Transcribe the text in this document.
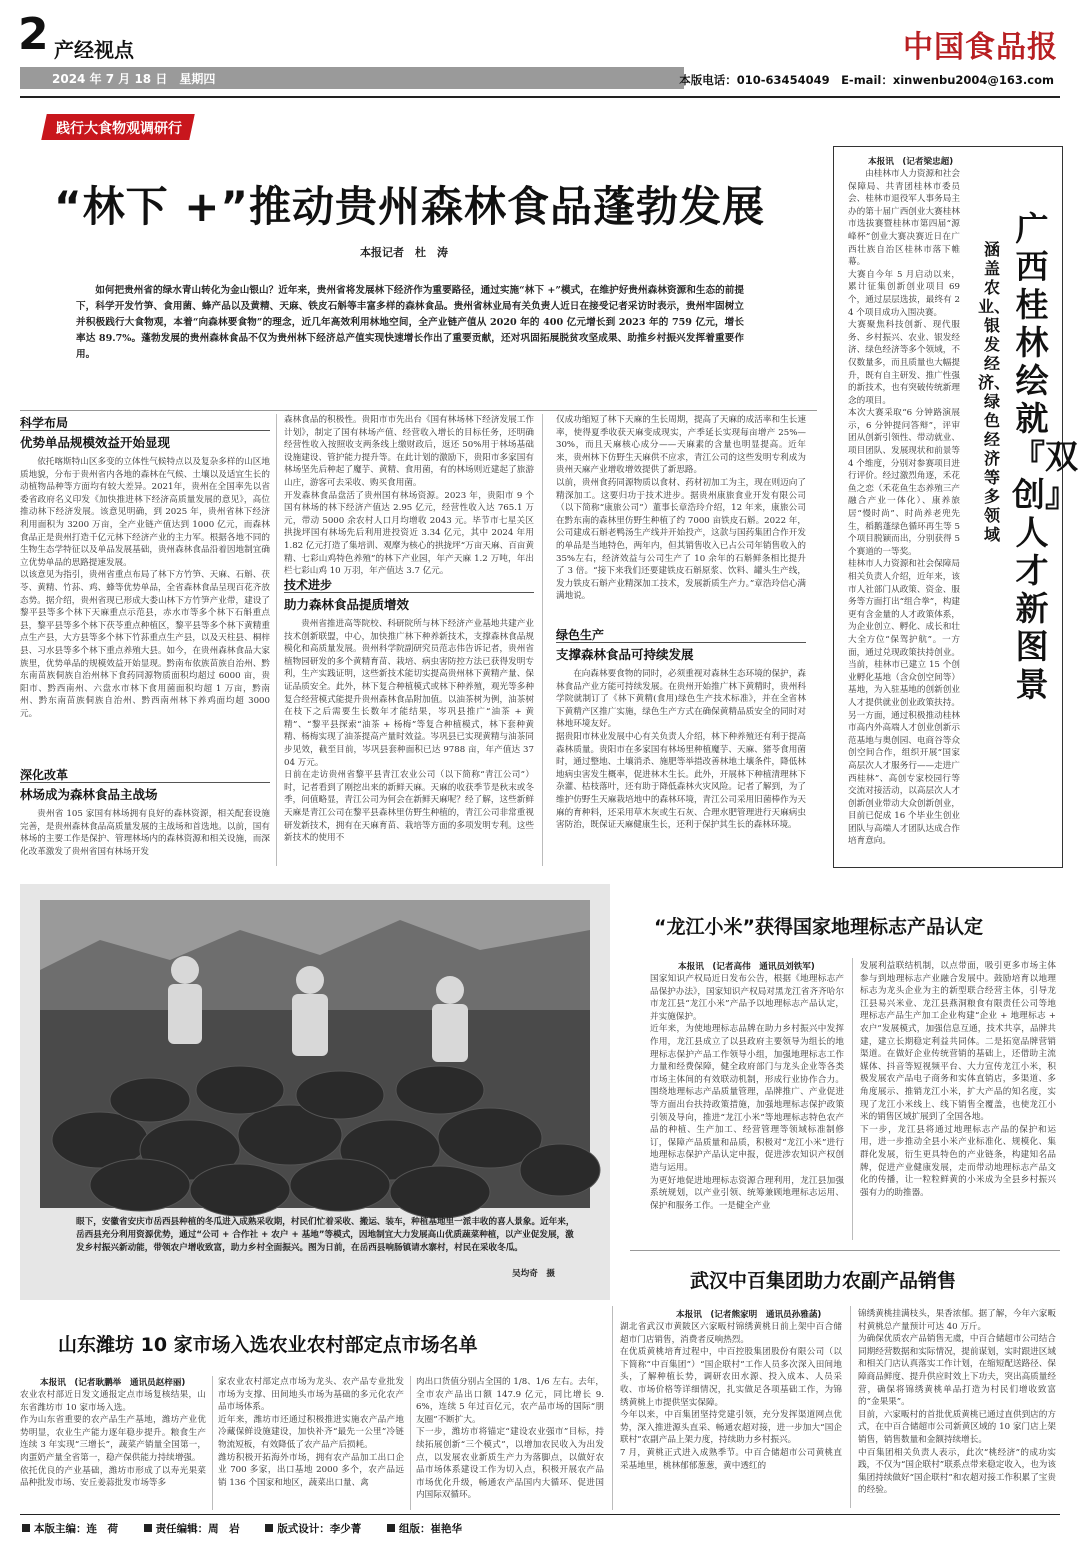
2 产经视点
2024 年 7 月 18 日　星期四
中国食品报
本版电话：010-63454049　E-mail：xinwenbu2004@163.com
践行大食物观调研行
“林下 +”推动贵州森林食品蓬勃发展
本报记者　杜　涛
如何把贵州省的绿水青山转化为金山银山？近年来，贵州省将发展林下经济作为重要路径，通过实施“林下 +”模式，在维护好贵州森林资源和生态的前提下，科学开发竹笋、食用菌、蜂产品以及黄精、天麻、铁皮石斛等丰富多样的森林食品。贵州省林业局有关负责人近日在接受记者采访时表示，贵州牢固树立并积极践行大食物观，本着“向森林要食物”的理念，近几年高效利用林地空间，全产业链产值从 2020 年的 400 亿元增长到 2023 年的 759 亿元，增长率达 89.7%。蓬勃发展的贵州森林食品不仅为贵州林下经济总产值实现快速增长作出了重要贡献，还对巩固拓展脱贫攻坚成果、助推乡村振兴发挥着重要作用。
科学布局
优势单品规模效益开始显现
依托喀斯特山区多变的立体性气候特点以及复杂多样的山区地质地貌，分布于贵州省内各地的森林在气候、土壤以及适宜生长的动植物品种等方面均有较大差异。2021年，贵州在全国率先以省委省政府名义印发《加快推进林下经济高质量发展的意见》，高位推动林下经济发展。该意见明确，到 2025 年，贵州省林下经济利用面积为 3200 万亩，全产业链产值达到 1000 亿元，而森林食品正是贵州打造千亿元林下经济产业的主力军。根据各地不同的生物生态学特征以及单品发展基础，贵州森林食品沿着因地制宜确立优势单品的思路提速发展。
以该意见为指引，贵州省重点布局了林下方竹笋、天麻、石斛、茯苓、黄精、竹荪、鸡、蜂等优势单品，全省森林食品呈现百花齐放态势。据介绍，贵州省现已形成大娄山林下方竹笋产业带，建设了黎平县等多个林下天麻重点示范县，赤水市等多个林下石斛重点县，黎平县等多个林下茯苓重点种植区，黎平县等多个林下黄精重点生产县，大方县等多个林下竹荪重点生产县，以及天柱县、桐梓县、习水县等多个林下重点养殖大县。如今，在贵州森林食品大家族里，优势单品的规模效益开始显现。黔南布依族苗族自治州、黔东南苗族侗族自治州林下食药同源物质面积均超过 6000 亩，贵阳市、黔西南州、六盘水市林下食用菌面积均超 1 万亩，黔南州、黔东南苗族侗族自治州、黔西南州林下养鸡面均超 3000 元。
深化改革
林场成为森林食品主战场
贵州省 105 家国有林场拥有良好的森林资源，相关配套设施完善，是贵州森林食品高质量发展的主战场和首选地。以前，国有林场的主要工作是保护、管理林场内的森林资源和相关设施，而深化改革激发了贵州省国有林场开发
森林食品的积极性。贵阳市市先出台《国有林场林下经济发展工作计划》，制定了国有林场产值、经营收入增长的目标任务，还明确经营性收入按照收支两条线上缴财政后，返还 50%用于林场基础设施建设、管护能力提升等。在此计划的激励下，贵阳市多家国有林场坚先后种起了魔芋、黄精、食用菌，有的林场则近建起了旅游山庄，游客可去采收、购买食用菌。
开发森林食品盘活了贵州国有林场资源。2023 年，贵阳市 9 个国有林场的林下经济产值达 2.95 亿元，经营性收入达 765.1 万元，带动 5000 余农村人口月均增收 2043 元。毕节市七星关区拱拢坪国有林场先后利用进投资近 3.34 亿元，其中 2024 年用 1.82 亿元打造了集培训、观摩为核心的拱拢坪“万亩天麻、百亩黄精、七彩山鸡特色养殖”的林下产业园，年产天麻 1.2 万吨，年出栏七彩山鸡 10 万羽，年产值达 3.7 亿元。
技术进步
助力森林食品提质增效
贵州省推进高等院校、科研院所与林下经济产业基地共建产业技术创新联盟，中心，加快推广林下种养新技术，支撑森林食品规模化和高质量发展。贵州科学院副研究员范志伟告诉记者，贵州省植物园研发的多个黄精育苗、栽培、病虫害防控方法已获得发明专利，生产实践证明，这些新技术能切实提高贵州林下黄精产量、保证品质安全。此外，林下复合种植模式或林下种养殖，观光等多种复合经营模式能提升贵州森林食品附加值。以油茶树为例，油茶树在枝下之后需要生长数年才能结果，岑巩县推广“油茶 + 黄精”、“黎平县探索“油茶 + 杨梅”等复合种植模式，林下套种黄精、杨梅实现了油茶提高产量时效益。岑巩县已实现黄精与油茶同步见效，截至目前，岑巩县套种面积已达 9788 亩，年产值达 3704 万元。
日前在走访贵州省黎平县青江农业公司（以下简称“青江公司”）时，记者看到了刚挖出来的新鲜天麻。天麻的收获季节是秋末或冬季，问值略显，青江公司为何会在新鲜天麻呢？经了解，这些新鲜天麻是青江公司在黎平县森林里仿野生种植的，青江公司非常重视研发新技术，拥有在天麻育苗、栽培等方面的多项发明专利。这些新技术的使用不
仅成功缩短了林下天麻的生长周期，提高了天麻的成活率和生长速率，使得夏季收获天麻变成现实，产季延长实现每亩增产 25%—30%，而且天麻核心成分——天麻素的含量也明显提高。近年来，贵州林下仿野生天麻供不应求，青江公司的这些发明专利成为贵州天麻产业增收增效提供了新思路。
以前，贵州食药同源物质以食材、药材初加工为主，现在则迈向了精深加工。这要归功于技术进步。据贵州康旅食业开发有限公司（以下简称“康旅公司”）董事长章浩玲介绍，12 年来，康旅公司在黔东南的森林里仿野生种植了约 7000 亩铁皮石斛。2022 年，公司建成石斛老鸭汤生产线并开始投产，这款与国药集团合作开发的单品是当地特色，两年内，但其销售收入已占公司年销售收入的 35%左右，经济效益与公司生产了 10 余年的石斛鲜条相比提升了 3 倍。“接下来我们还要建铁皮石斛原浆、饮料、罐头生产线，发力铁皮石斛产业精深加工技术，发展新质生产力。”章浩玲信心满满地说。
绿色生产
支撑森林食品可持续发展
在向森林要食物的同时，必须重视对森林生态环境的保护，森林食品产业方能可持续发展。在贵州开始推广林下黄精时，贵州科学院就制订了《林下黄精(食用)绿色生产技术标准》，并在全省林下黄精产区推广实施，绿色生产方式在确保黄精品质安全的同时对林地环境友好。
据贵阳市林业发展中心有关负责人介绍，林下种养殖还有利于提高森林质量。贵阳市在多家国有林场里种植魔芋、天麻、猪苓食用菌时，通过整地、土壤消杀、施肥等举措改善林地土壤条件，降低林地病虫害发生概率，促进林木生长。此外，开展林下种植清理林下杂灌、枯枝落叶，还有助于降低森林火灾风险。记者了解到，为了维护仿野生天麻栽培地中的森林环境，青江公司采用旧菌棒作为天麻的育种料，还采用草木灰或生石灰、合理水肥管理进行天麻病虫害防治，既保证天麻健康生长，还利于保护其生长的森林环境。
广西桂林绘就『双创』人才新图景
涵盖农业、银发经济、绿色经济等多领域
本报讯　(记者梁忠超)
由桂林市人力资源和社会保障局、共青团桂林市委员会、桂林市退役军人事务局主办的第十届广西创业大赛桂林市选拔赛暨桂林市第四届“源峰杯”创业大赛决赛近日在广西壮族自治区桂林市落下帷幕。
大赛自今年 5 月启动以来，累计征集创新创业项目 69 个，通过层层选拔，最终有 24 个项目成功入围决赛。
大赛聚焦科技创新、现代服务、乡村振兴、农业、银发经济、绿色经济等多个领域，不仅数量多，而且质量也大幅提升，既有自主研发、推广性强的新技术，也有突破传统新理念的项目。
本次大赛采取“6 分钟路演展示，6 分钟提问答辩”，评审团从创新引领性、带动就业、项目团队、发展现状和前景等 4 个维度，分别对参赛项目进行评价。经过激烈角逐，禾花鱼之恋（禾花鱼生态养殖三产融合产业一体化）、康养旅居“慢时尚”、时尚养老兜先生，稻鹅蓬绿色循环再生等 5 个项目脱颖而出，分别获得 5 个赛道的一等奖。
桂林市人力资源和社会保障局相关负责人介绍，近年来，该市人社部门从政策、资金、服务等方面打出“组合拳”，构建更有含金量的人才政策体系，为企业创立、孵化、成长和壮大全方位“保驾护航”。一方面，通过兑现政策扶持创业。当前，桂林市已建立 15 个创业孵化基地（含众创空间等）基地，为入驻基地的创新创业人才提供就业创业政策扶持。另一方面，通过积极推动桂林市高内外高端人才创业创新示范基地与奥创园、电商谷等众创空间合作，组织开展“国家高层次人才服务行——走进广西桂林”、高创专家校园行等交流对接活动，以高层次人才创新创业带动大众创新创业，目前已促成 16 个毕业生创业团队与高端人才团队达成合作培育意向。
眼下，安徽省安庆市岳西县种植的冬瓜进入成熟采收期，村民们忙着采收、搬运、装车，种植基地里一派丰收的喜人景象。近年来，岳西县充分利用资源优势，通过“公司 + 合作社 + 农户 + 基地”等模式，因地制宜大力发展高山优质蔬菜种植，以产业促发展，激发乡村振兴新动能，带领农户增收致富，助力乡村全面振兴。图为日前，在岳西县响肠镇请水寨村，村民在采收冬瓜。
吴均奇　摄
“龙江小米”获得国家地理标志产品认定
本报讯　(记者高伟　通讯员刘铁军)
国家知识产权局近日发布公告，根据《地理标志产品保护办法》，国家知识产权局对黑龙江省齐齐哈尔市龙江县“龙江小米”产品予以地理标志产品认定，并实施保护。
近年来，为使地理标志品牌在助力乡村振兴中发挥作用，龙江县成立了以县政府主要领导为组长的地理标志保护产品工作领导小组，加强地理标志工作力量和经费保障，健全政府部门与龙头企业等各类市场主体间的有效联动机制，形成行业协作合力。围绕地理标志产品质量管理，品牌推广、产业促进等方面出台扶持政策措施，加强地理标志保护政策引领及导向，推进“龙江小米”等地理标志特色农产品的种植、生产加工、经营管理等领域标准制修订，保障产品质量和品质，积极对“龙江小米”进行地理标志保护产品认定申报，促进涉农知识产权创造与运用。
为更好地促进地理标志资源合理利用，龙江县加强系统规划，以产业引领、统筹兼顾地理标志运用、保护和服务工作。一是健全产业
发展利益联结机制，以点带面，吸引更多市场主体参与到地理标志产业融合发展中。鼓励培育以地理标志为龙头企业为主的新型联合经营主体，引导龙江县易兴米业、龙江县燕洞粮食有限责任公司等地理标志产品生产加工企业构建“企业 + 地理标志 + 农户”发展模式，加强信息互通，技术共享，品牌共建，建立长期稳定利益共同体。二是拓宽品牌营销渠道。在做好企业传统营销的基础上，还借助主流媒体、抖音等短视频平台、大力宣传龙江小米，积极发展农产品电子商务和实体直销店，多渠道、多角度展示、推销龙江小米，扩大产品的知名度，实现了龙江小米线上、线下销售全覆盖，也使龙江小米的销售区域扩展到了全国各地。
下一步，龙江县将通过地理标志产品的保护和运用，进一步推动全县小米产业标准化、规模化、集群化发展，衍生更具特色的产业链条，构建知名品牌，促进产业健康发展，走而带动地理标志产品文化的传播，让一粒粒鲜黄的小米成为全县乡村振兴强有力的助推器。
武汉中百集团助力农副产品销售
本报讯　(记者熊家明　通讯员孙雅菡)
湖北省武汉市黄陂区六家畈村锦绣黄桃日前上架中百合储超市门店销售，消费者反响热烈。
在优质黄桃培育过程中，中百控股集团股份有限公司（以下简称“中百集团”）“国企联村”工作人员多次深入田间地头，了解种植长势，调研农田水源、投入成本、人员采收、市场价格等详细情况，扎实做足各项基础工作，为锦绣黄桃上市提供坚实保障。
今年以来，中百集团坚持党建引领，充分发挥渠道网点优势，深入推进源头直采、畅通农超对接，进一步加大“国企联村”农副产品上架力度，持续助力乡村振兴。
7 月，黄桃正式进入成熟季节。中百合储超市公司黄桃直采基地里，桃林郁郁葱葱，黄中透红的
锦绣黄桃挂满枝头，果香浓郁。据了解，今年六家畈村黄桃总产量预计可达 40 万斤。
为确保优质农产品销售无虞，中百合储超市公司结合同期经营数据和实际情况，提前谋划，实时跟进区域和相关门店认真落实工作计划，在缩短配送路径、保障商品鲜度、提升供应时效上下功夫，突出高质量经营，确保将锦绣黄桃单品打造为村民们增收致富的“金果果”。
目前，六家畈村的首批优质黄桃已通过直供到店的方式，在中百合储超市公司新黄区域的 10 家门店上架销售，销售数量和金额持续增长。
中百集团相关负责人表示，此次“桃经济”的成功实践，不仅为“国企联村”联系点带来稳定收入，也为该集团持续做好“国企联村”和农超对接工作积累了宝贵的经验。
山东潍坊 10 家市场入选农业农村部定点市场名单
本报讯　(记者耿鹏举　通讯员赵梓丽)
农业农村部近日发文通报定点市场复核结果，山东省潍坊市 10 家市场入选。
作为山东省重要的农产品生产基地，潍坊产业优势明显，农业生产能力逐年稳步提升。粮食生产连续 3 年实现“三增长”，蔬菜产销量全国第一，肉蛋奶产量全省第一，稳产保供能力持续增强。
依托优良的产业基础，潍坊市形成了以寿光果菜品种批发市场、安丘姜蒜批发市场等多
家农业农村部定点市场为龙头、农产品专业批发市场为支撑、田间地头市场为基础的多元化农产品市场体系。
近年来，潍坊市还通过积极推进实施农产品产地冷藏保鲜设施建设，加快补齐“最先一公里”冷链物流短板，有效降低了农产品产后损耗。
潍坊积极开拓海外市场，拥有农产品加工出口企业 700 多家，出口基地 2000 多个，农产品远销 136 个国家和地区，蔬菜出口量、禽
肉出口货值分别占全国的 1/8、1/6 左右。去年，全市农产品出口额 147.9 亿元，同比增长 9.6%，连续 5 年过百亿元，农产品市场的国际“朋友圈”不断扩大。
下一步，潍坊市将锚定“建设农业强市”目标，持续拓展创新“三个模式”，以增加农民收入为出发点，以发展农业新质生产力为落脚点，以做好农品市场体系建设工作为切入点，积极开展农产品市场优化升级，畅通农产品国内大循环、促进国内国际双循环。
本版主编：连　荷	责任编辑：周　岩	版式设计：李少菁	组版：崔艳华
